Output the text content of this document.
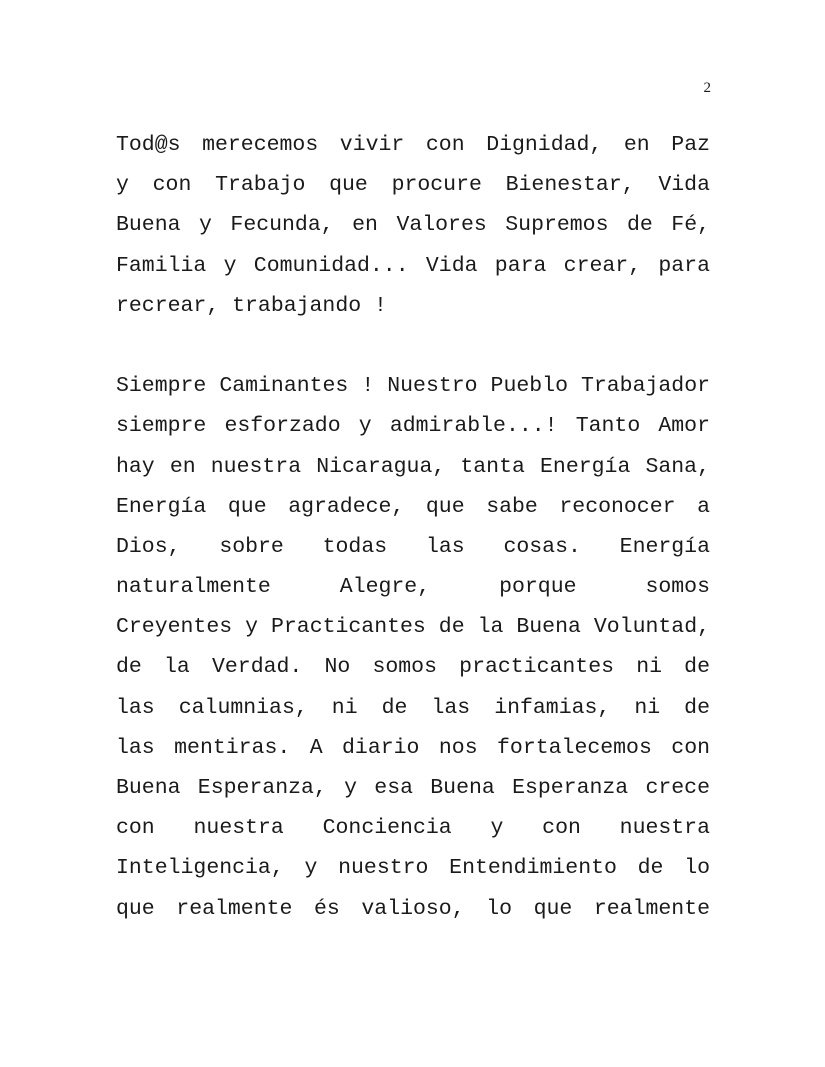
2
Tod@s merecemos vivir con Dignidad, en Paz
y con Trabajo que procure Bienestar, Vida
Buena y Fecunda, en Valores Supremos de Fé,
Familia y Comunidad... Vida para crear, para
recrear, trabajando !
Siempre Caminantes ! Nuestro Pueblo Trabajador
siempre esforzado y admirable...! Tanto Amor
hay en nuestra Nicaragua, tanta Energía Sana,
Energía que agradece, que sabe reconocer a
Dios, sobre todas las cosas. Energía
naturalmente Alegre, porque somos
Creyentes y Practicantes de la Buena Voluntad,
de la Verdad. No somos practicantes ni de
las calumnias, ni de las infamias, ni de
las mentiras. A diario nos fortalecemos con
Buena Esperanza, y esa Buena Esperanza crece
con nuestra Conciencia y con nuestra
Inteligencia, y nuestro Entendimiento de lo
que realmente és valioso, lo que realmente
